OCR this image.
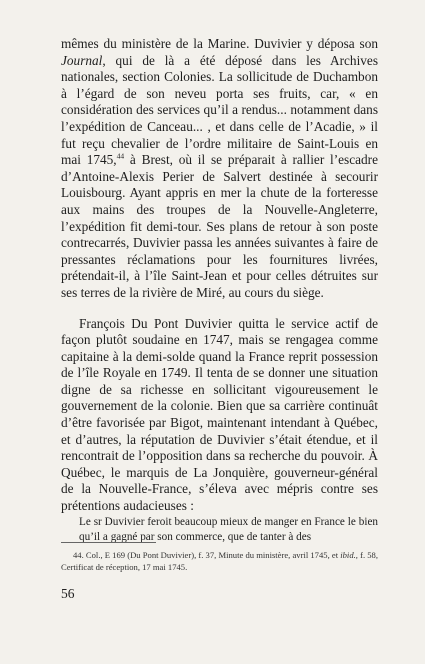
mêmes du ministère de la Marine. Duvivier y déposa son Journal, qui de là a été déposé dans les Archives nationales, section Colonies. La sollicitude de Duchambon à l’égard de son neveu porta ses fruits, car, « en considération des services qu’il a rendus... notamment dans l’expédition de Canceau... , et dans celle de l’Acadie, » il fut reçu chevalier de l’ordre militaire de Saint-Louis en mai 1745,44 à Brest, où il se préparait à rallier l’escadre d’Antoine-Alexis Perier de Salvert destinée à secourir Louisbourg. Ayant appris en mer la chute de la forteresse aux mains des troupes de la Nouvelle-Angleterre, l’expédition fit demi-tour. Ses plans de retour à son poste contrecarrés, Duvivier passa les années suivantes à faire de pressantes réclamations pour les fournitures livrées, prétendait-il, à l’île Saint-Jean et pour celles détruites sur ses terres de la rivière de Miré, au cours du siège.

François Du Pont Duvivier quitta le service actif de façon plutôt soudaine en 1747, mais se rengagea comme capitaine à la demi-solde quand la France reprit possession de l’île Royale en 1749. Il tenta de se donner une situation digne de sa richesse en sollicitant vigoureusement le gouvernement de la colonie. Bien que sa carrière continuât d’être favorisée par Bigot, maintenant intendant à Québec, et d’autres, la réputation de Duvivier s’était étendue, et il rencontrait de l’opposition dans sa recherche du pouvoir. À Québec, le marquis de La Jonquière, gouverneur-général de la Nouvelle-France, s’éleva avec mépris contre ses prétentions audacieuses :

Le sr Duvivier feroit beaucoup mieux de manger en France le bien qu’il a gagné par son commerce, que de tanter à des

44. Col., E 169 (Du Pont Duvivier), f. 37, Minute du ministère, avril 1745, et ibid., f. 58, Certificat de réception, 17 mai 1745.
56
